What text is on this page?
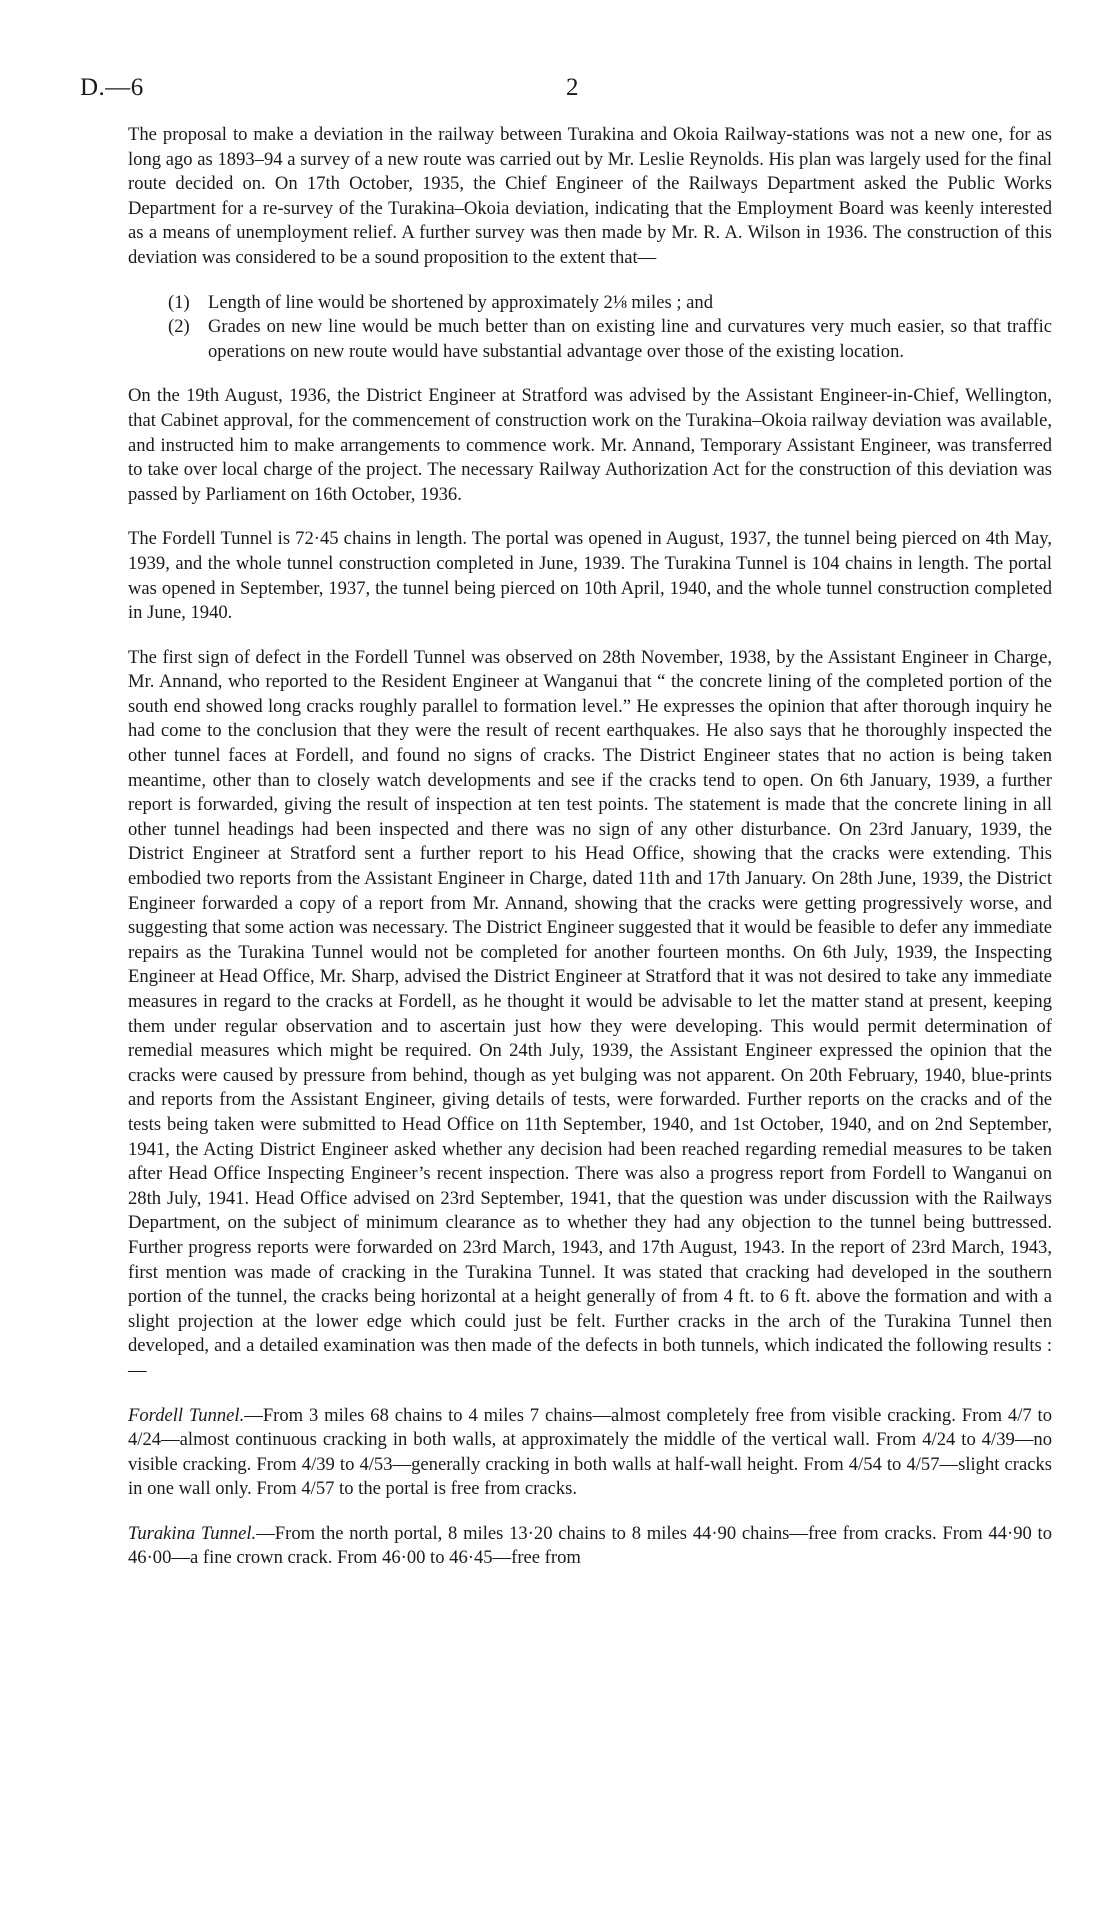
D.—6	2

The proposal to make a deviation in the railway between Turakina and Okoia Railway-stations was not a new one, for as long ago as 1893–94 a survey of a new route was carried out by Mr. Leslie Reynolds. His plan was largely used for the final route decided on. On 17th October, 1935, the Chief Engineer of the Railways Department asked the Public Works Department for a re-survey of the Turakina–Okoia deviation, indicating that the Employment Board was keenly interested as a means of unemployment relief. A further survey was then made by Mr. R. A. Wilson in 1936. The construction of this deviation was considered to be a sound proposition to the extent that—

(1) Length of line would be shortened by approximately 2⅛ miles ; and
(2) Grades on new line would be much better than on existing line and curvatures very much easier, so that traffic operations on new route would have substantial advantage over those of the existing location.

On the 19th August, 1936, the District Engineer at Stratford was advised by the Assistant Engineer-in-Chief, Wellington, that Cabinet approval, for the commencement of construction work on the Turakina–Okoia railway deviation was available, and instructed him to make arrangements to commence work. Mr. Annand, Temporary Assistant Engineer, was transferred to take over local charge of the project. The necessary Railway Authorization Act for the construction of this deviation was passed by Parliament on 16th October, 1936.

The Fordell Tunnel is 72·45 chains in length. The portal was opened in August, 1937, the tunnel being pierced on 4th May, 1939, and the whole tunnel construction completed in June, 1939. The Turakina Tunnel is 104 chains in length. The portal was opened in September, 1937, the tunnel being pierced on 10th April, 1940, and the whole tunnel construction completed in June, 1940.

The first sign of defect in the Fordell Tunnel was observed on 28th November, 1938, by the Assistant Engineer in Charge, Mr. Annand, who reported to the Resident Engineer at Wanganui that “ the concrete lining of the completed portion of the south end showed long cracks roughly parallel to formation level.” He expresses the opinion that after thorough inquiry he had come to the conclusion that they were the result of recent earthquakes. He also says that he thoroughly inspected the other tunnel faces at Fordell, and found no signs of cracks. The District Engineer states that no action is being taken meantime, other than to closely watch developments and see if the cracks tend to open. On 6th January, 1939, a further report is forwarded, giving the result of inspection at ten test points. The statement is made that the concrete lining in all other tunnel headings had been inspected and there was no sign of any other disturbance. On 23rd January, 1939, the District Engineer at Stratford sent a further report to his Head Office, showing that the cracks were extending. This embodied two reports from the Assistant Engineer in Charge, dated 11th and 17th January. On 28th June, 1939, the District Engineer forwarded a copy of a report from Mr. Annand, showing that the cracks were getting progressively worse, and suggesting that some action was necessary. The District Engineer suggested that it would be feasible to defer any immediate repairs as the Turakina Tunnel would not be completed for another fourteen months. On 6th July, 1939, the Inspecting Engineer at Head Office, Mr. Sharp, advised the District Engineer at Stratford that it was not desired to take any immediate measures in regard to the cracks at Fordell, as he thought it would be advisable to let the matter stand at present, keeping them under regular observation and to ascertain just how they were developing. This would permit determination of remedial measures which might be required. On 24th July, 1939, the Assistant Engineer expressed the opinion that the cracks were caused by pressure from behind, though as yet bulging was not apparent. On 20th February, 1940, blue-prints and reports from the Assistant Engineer, giving details of tests, were forwarded. Further reports on the cracks and of the tests being taken were submitted to Head Office on 11th September, 1940, and 1st October, 1940, and on 2nd September, 1941, the Acting District Engineer asked whether any decision had been reached regarding remedial measures to be taken after Head Office Inspecting Engineer’s recent inspection. There was also a progress report from Fordell to Wanganui on 28th July, 1941. Head Office advised on 23rd September, 1941, that the question was under discussion with the Railways Department, on the subject of minimum clearance as to whether they had any objection to the tunnel being buttressed. Further progress reports were forwarded on 23rd March, 1943, and 17th August, 1943. In the report of 23rd March, 1943, first mention was made of cracking in the Turakina Tunnel. It was stated that cracking had developed in the southern portion of the tunnel, the cracks being horizontal at a height generally of from 4 ft. to 6 ft. above the formation and with a slight projection at the lower edge which could just be felt. Further cracks in the arch of the Turakina Tunnel then developed, and a detailed examination was then made of the defects in both tunnels, which indicated the following results :—

Fordell Tunnel.—From 3 miles 68 chains to 4 miles 7 chains—almost completely free from visible cracking. From 4/7 to 4/24—almost continuous cracking in both walls, at approximately the middle of the vertical wall. From 4/24 to 4/39—no visible cracking. From 4/39 to 4/53—generally cracking in both walls at half-wall height. From 4/54 to 4/57—slight cracks in one wall only. From 4/57 to the portal is free from cracks.

Turakina Tunnel.—From the north portal, 8 miles 13·20 chains to 8 miles 44·90 chains—free from cracks. From 44·90 to 46·00—a fine crown crack. From 46·00 to 46·45—free from
